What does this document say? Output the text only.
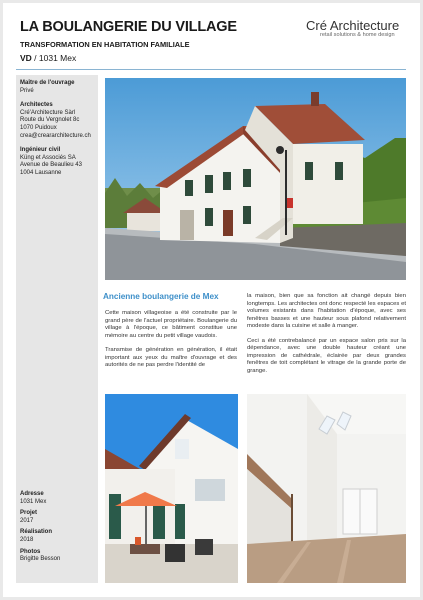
LA BOULANGERIE DU VILLAGE
TRANSFORMATION EN HABITATION FAMILIALE
VD / 1031 Mex
Cré Architecture
retail solutions & home design
Maître de l'ouvrage
Privé
Architectes
Cré'Architecture Sàrl
Route du Vergnolet 8c
1070 Puidoux
crea@creararchitecture.ch
Ingénieur civil
Küng et Associés SA
Avenue de Beaulieu 43
1004 Lausanne
Adresse
1031 Mex
Projet
2017
Réalisation
2018
Photos
Brigitte Besson
Ancienne boulangerie de Mex

Cette maison villageoise a été construite par le grand père de l'actuel propriétaire. Boulangerie du village à l'époque, ce bâtiment constitue une mémoire au centre du petit village vaudois.

Transmise de génération en génération, il était important aux yeux du maître d'ouvrage et des autorités de ne pas perdre l'identité de

la maison, bien que sa fonction ait changé depuis bien longtemps. Les architectes ont donc respecté les espaces et volumes existants dans l'habitation d'époque, avec ses fenêtres basses et une hauteur sous plafond relativement modeste dans la cuisine et salle à manger.

Ceci a été contrebalancé par un espace salon pris sur la dépendance, avec une double hauteur créant une impression de cathédrale, éclairée par deux grandes fenêtres de toit complétant le vitrage de la grande porte de grange.
